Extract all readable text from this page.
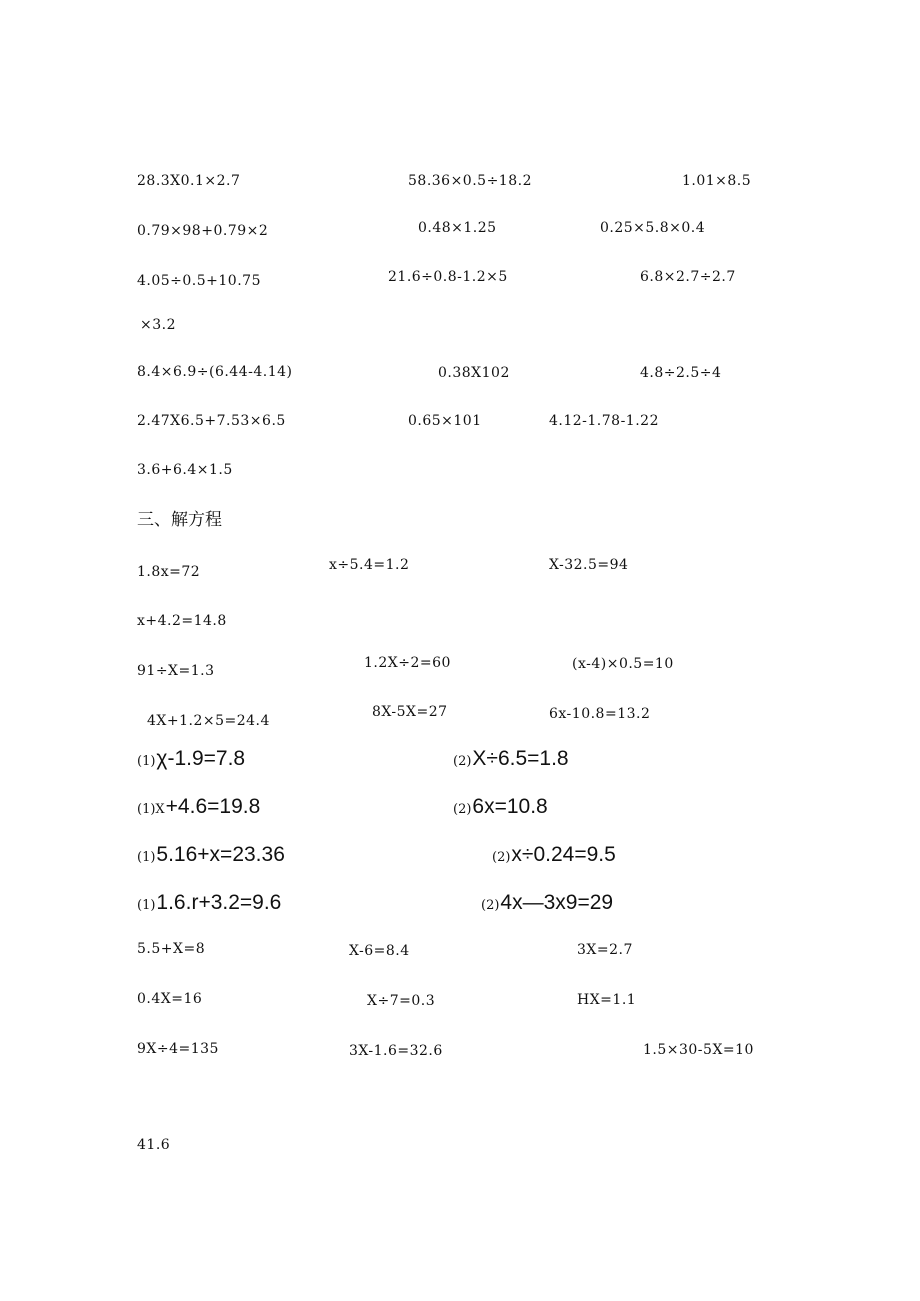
28.3X0.1×2.7	58.36×0.5÷18.2	1.01×8.5
0.79×98+0.79×2	0.48×1.25	0.25×5.8×0.4
4.05÷0.5+10.75	21.6÷0.8-1.2×5	6.8×2.7÷2.7
×3.2
8.4×6.9÷(6.44-4.14)	0.38X102	4.8÷2.5÷4
2.47X6.5+7.53×6.5	0.65×101	4.12-1.78-1.22
3.6+6.4×1.5
三、解方程
1.8x=72	x÷5.4=1.2	X-32.5=94
x+4.2=14.8
91÷X=1.3	1.2X÷2=60	(x-4)×0.5=10
4X+1.2×5=24.4
8X-5X=27	6x-10.8=13.2
(1)χ-1.9=7.8	(2)X÷6.5=1.8
(1)X+4.6=19.8	(2)6x=10.8
(1)5.16+x=23.36	(2)x÷0.24=9.5
(1)1.6.r+3.2=9.6	(2)4x—3x9=29
5.5+X=8	X-6=8.4	3X=2.7
0.4X=16	X÷7=0.3	HX=1.1
9X÷4=135	3X-1.6=32.6	1.5×30-5X=10
41.6
